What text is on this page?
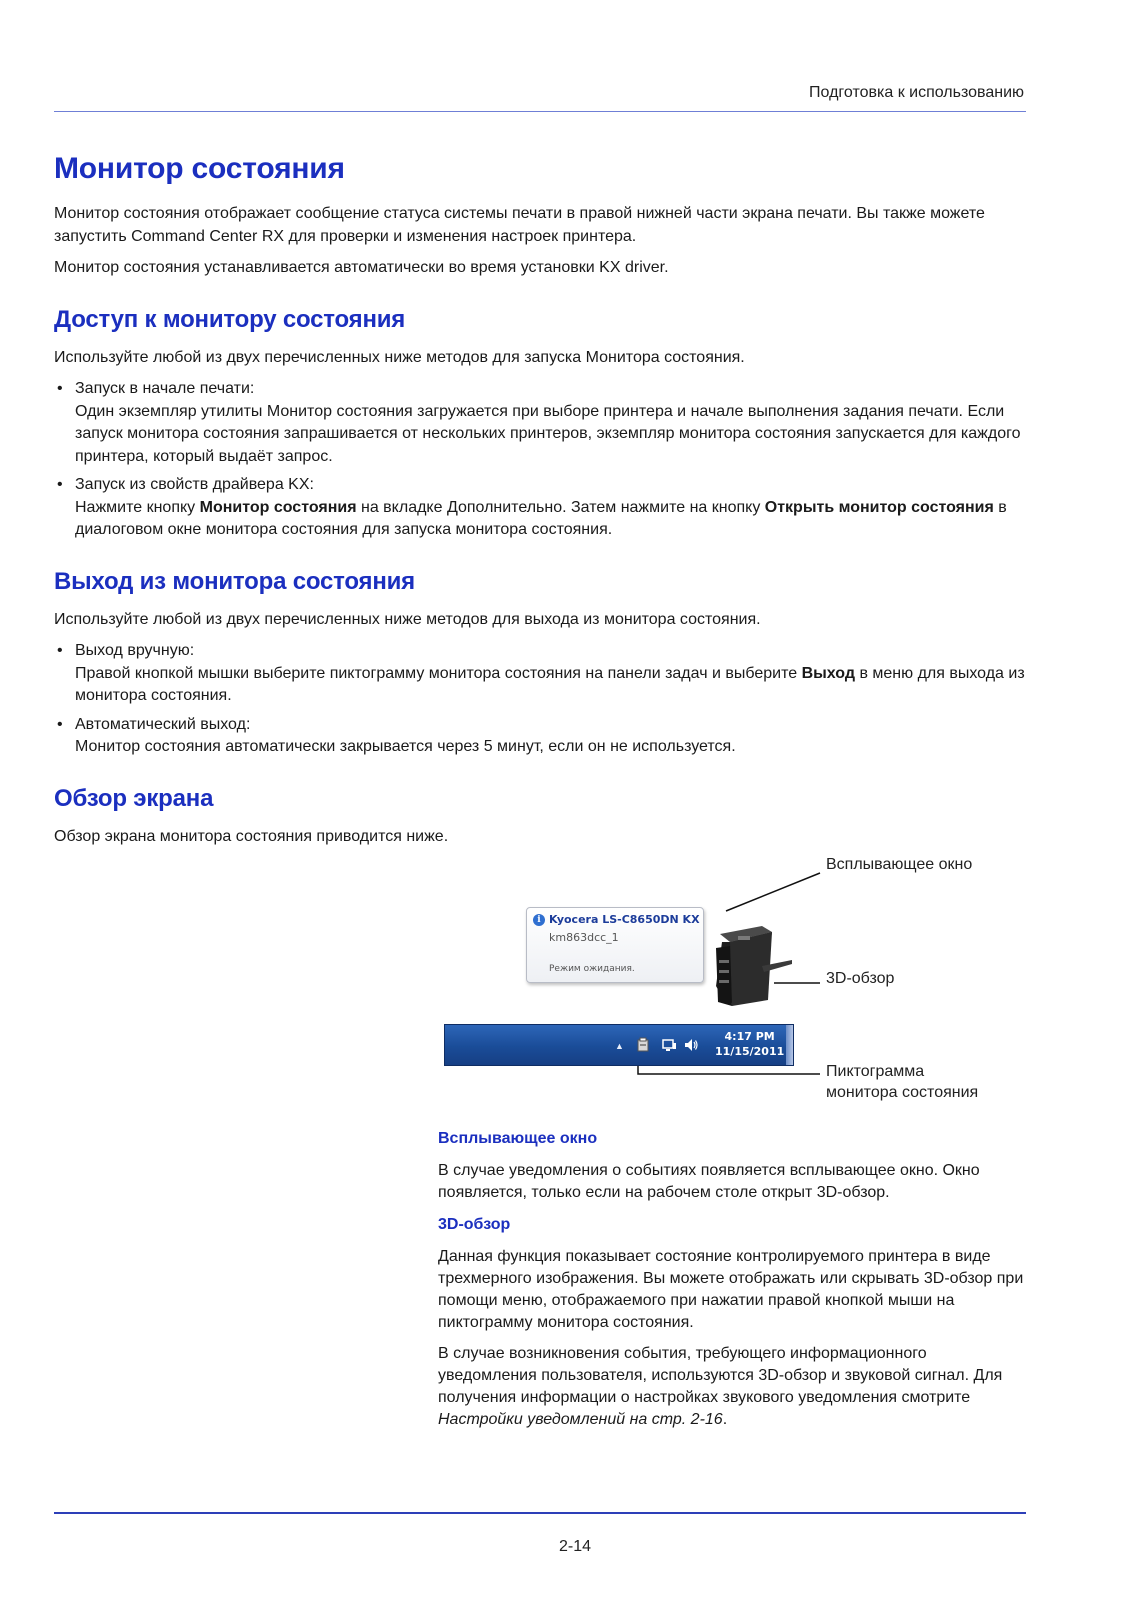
Подготовка к использованию
Монитор состояния

Монитор состояния отображает сообщение статуса системы печати в правой нижней части экрана печати. Вы также можете запустить Command Center RX для проверки и изменения настроек принтера.

Монитор состояния устанавливается автоматически во время установки KX driver.

Доступ к монитору состояния

Используйте любой из двух перечисленных ниже методов для запуска Монитора состояния.

• Запуск в начале печати:
Один экземпляр утилиты Монитор состояния загружается при выборе принтера и начале выполнения задания печати. Если запуск монитора состояния запрашивается от нескольких принтеров, экземпляр монитора состояния запускается для каждого принтера, который выдаёт запрос.
• Запуск из свойств драйвера KX:
Нажмите кнопку Монитор состояния на вкладке Дополнительно. Затем нажмите на кнопку Открыть монитор состояния в диалоговом окне монитора состояния для запуска монитора состояния.
Выход из монитора состояния

Используйте любой из двух перечисленных ниже методов для выхода из монитора состояния.

• Выход вручную:
Правой кнопкой мышки выберите пиктограмму монитора состояния на панели задач и выберите Выход в меню для выхода из монитора состояния.
• Автоматический выход:
Монитор состояния автоматически закрывается через 5 минут, если он не используется.
Обзор экрана

Обзор экрана монитора состояния приводится ниже.

i Kyocera LS-C8650DN KX
km863dcc_1
Режим ожидания.
▲
4:17 PM
11/15/2011
Всплывающее окно
3D-обзор
Пиктограмма
монитора состояния
Всплывающее окно

В случае уведомления о событиях появляется всплывающее окно. Окно появляется, только если на рабочем столе открыт 3D-обзор.

3D-обзор

Данная функция показывает состояние контролируемого принтера в виде трехмерного изображения. Вы можете отображать или скрывать 3D-обзор при помощи меню, отображаемого при нажатии правой кнопкой мыши на пиктограмму монитора состояния.

В случае возникновения события, требующего информационного уведомления пользователя, используются 3D-обзор и звуковой сигнал. Для получения информации о настройках звукового уведомления смотрите Настройки уведомлений на стр. 2-16.

2-14
